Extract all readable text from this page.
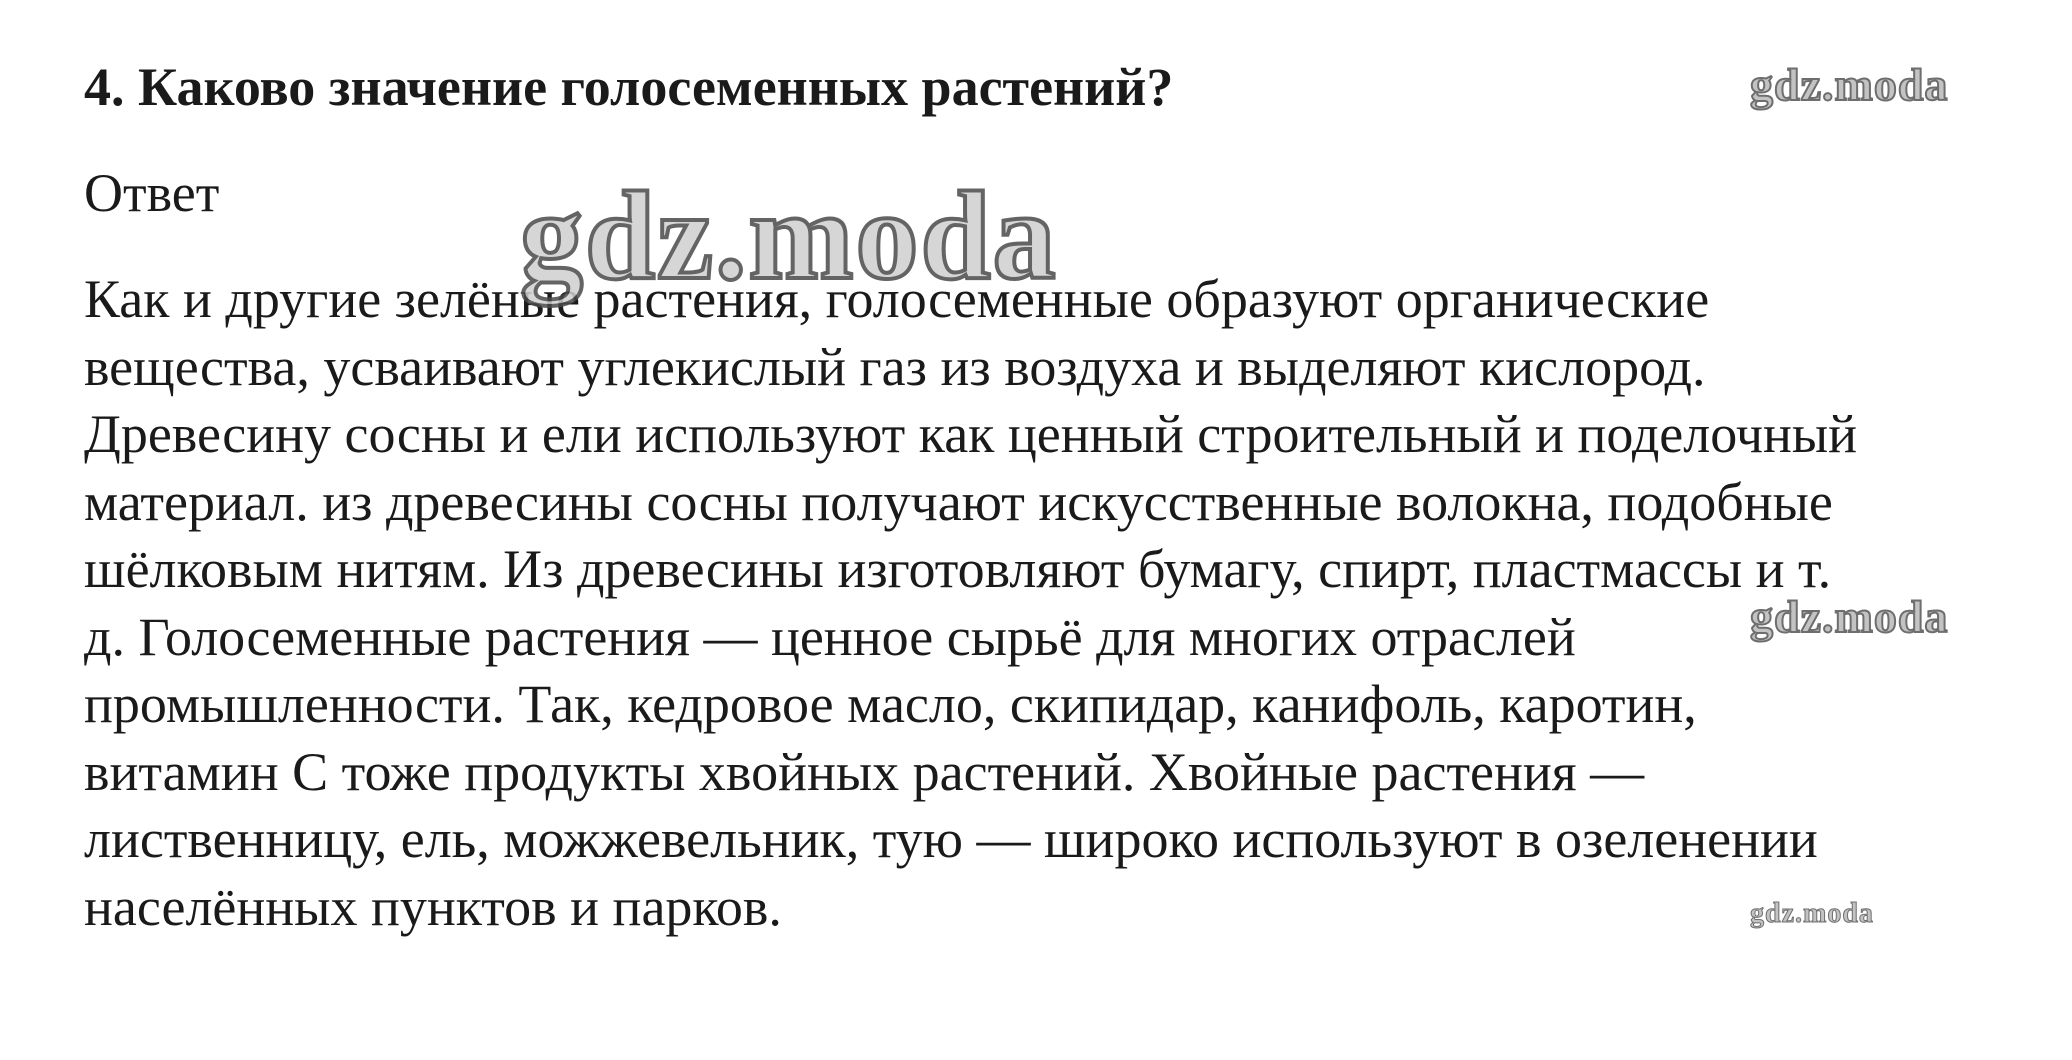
4. Каково значение голосеменных растений?

Ответ

Как и другие зелёные растения, голосеменные образуют органические
вещества, усваивают углекислый газ из воздуха и выделяют кислород.
Древесину сосны и ели используют как ценный строительный и поделочный
материал. из древесины сосны получают искусственные волокна, подобные
шёлковым нитям. Из древесины изготовляют бумагу, спирт, пластмассы и т.
д. Голосеменные растения — ценное сырьё для многих отраслей
промышленности. Так, кедровое масло, скипидар, канифоль, каротин,
витамин С тоже продукты хвойных растений. Хвойные растения —
лиственницу, ель, можжевельник, тую — широко используют в озеленении
населённых пунктов и парков.
gdz.moda
gdz.moda
gdz.moda
gdz.moda
